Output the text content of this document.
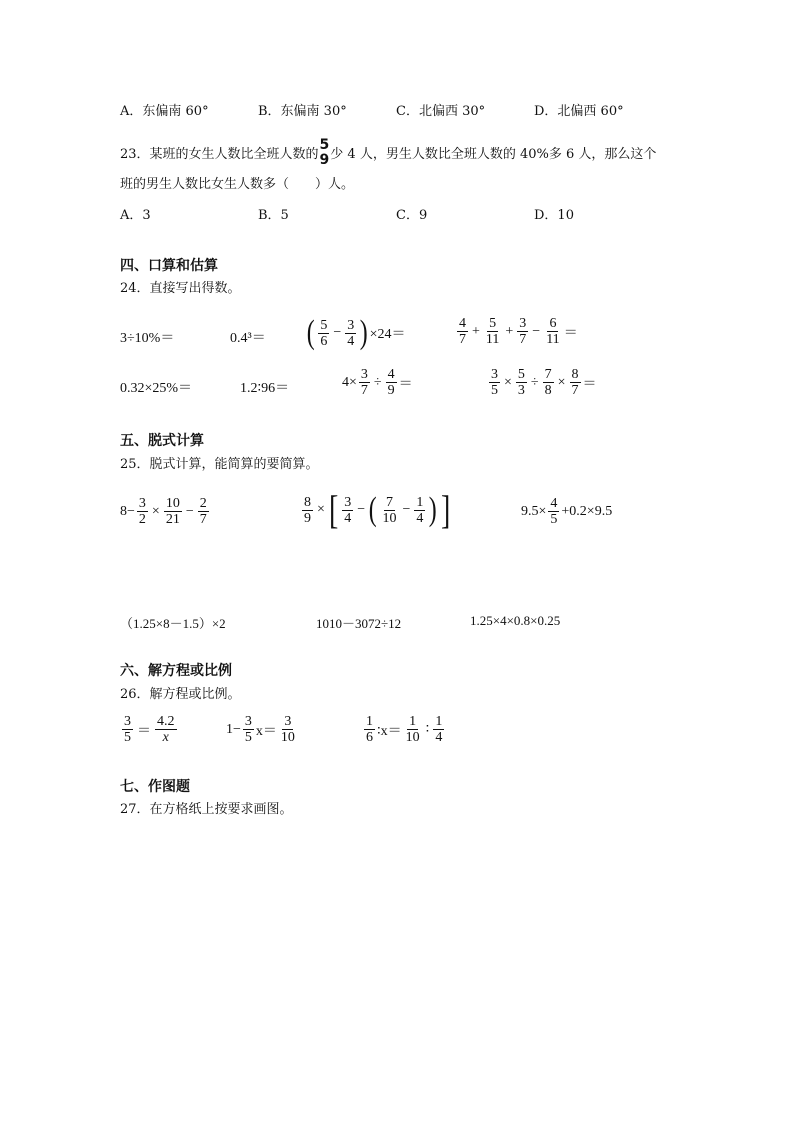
A．东偏南 60°	B．东偏南 30°	C．北偏西 30°	D．北偏西 60°
23．某班的女生人数比全班人数的
5
9 少 4 人，男生人数比全班人数的 40%多 6 人，那么这个
班的男生人数比女生人数多（　　）人。
A．3	B．5	C．9	D．10
四、口算和估算
24．直接写出得数。
3÷10%＝	0.4³＝ ( $\frac{5}{6} - \frac{3}{4}$ ) ×24＝	$\frac{4}{7} + \frac{5}{11} + \frac{3}{7} - \frac{6}{11}$ ＝
0.32×25%＝	1.2∶96＝	$4\times \frac{3}{7} \div \frac{4}{9}$ ＝	$\frac{3}{5} \times \frac{5}{3} \div \frac{7}{8} \times \frac{8}{7}$ ＝
五、脱式计算
25．脱式计算，能简算的要简算。
$8- \frac{3}{2} \times \frac{10}{21} - \frac{2}{7}$	$\frac{8}{9}$ × [ $\frac{3}{4}$ − ( $\frac{7}{10} - \frac{1}{4}$ ) ]	$9.5\times \frac{4}{5} +0.2\times 9.5$
（1.25×8－1.5）×2	1010－3072÷12	1.25×4×0.8×0.25
六、解方程或比例
26．解方程或比例。
$\frac{3}{5} = \frac{4.2}{x}$	$1- \frac{3}{5} x= \frac{3}{10}$	$\frac{1}{6}$ ∶x＝ $\frac{1}{10}$ ∶ $\frac{1}{4}$
七、作图题
27．在方格纸上按要求画图。
